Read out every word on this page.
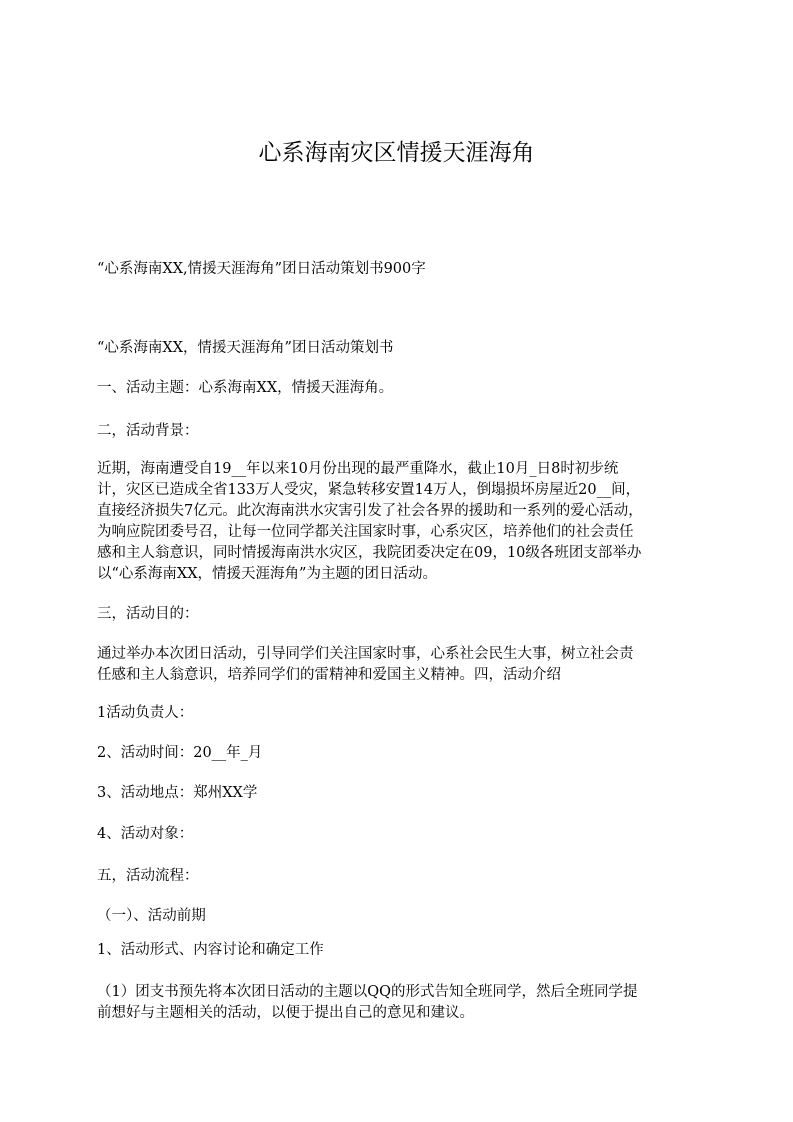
心系海南灾区情援天涯海角

“心系海南XX,情援天涯海角”团日活动策划书900字

“心系海南XX，情援天涯海角”团日活动策划书

一、活动主题：心系海南XX，情援天涯海角。

二，活动背景：

近期，海南遭受自19__年以来10月份出现的最严重降水，截止10月_日8时初步统
计，灾区已造成全省133万人受灾，紧急转移安置14万人，倒塌损坏房屋近20__间，
直接经济损失7亿元。此次海南洪水灾害引发了社会各界的援助和一系列的爱心活动，
为响应院团委号召，让每一位同学都关注国家时事，心系灾区，培养他们的社会责任
感和主人翁意识，同时情援海南洪水灾区，我院团委决定在09，10级各班团支部举办
以“心系海南XX，情援天涯海角”为主题的团日活动。

三，活动目的：

通过举办本次团日活动，引导同学们关注国家时事，心系社会民生大事，树立社会责
任感和主人翁意识，培养同学们的雷精神和爱国主义精神。四，活动介绍

1活动负责人：

2、活动时间：20__年_月

3、活动地点：郑州XX学

4、活动对象：

五，活动流程：

（一）、活动前期

1、活动形式、内容讨论和确定工作

（1）团支书预先将本次团日活动的主题以QQ的形式告知全班同学，然后全班同学提
前想好与主题相关的活动，以便于提出自己的意见和建议。
